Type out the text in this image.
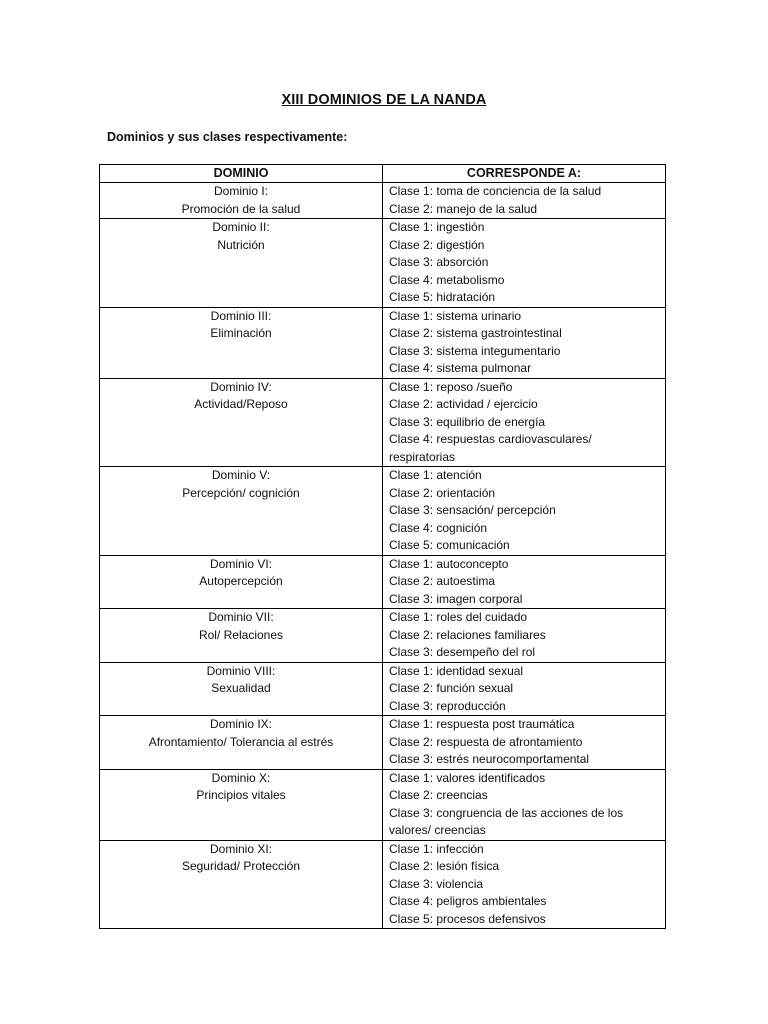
XIII DOMINIOS DE LA NANDA
Dominios y sus clases respectivamente:
DOMINIO	CORRESPONDE A:

Dominio I:
Promoción de la salud	Clase 1: toma de conciencia de la salud
Clase 2: manejo de la salud

Dominio II:
Nutrición	Clase 1: ingestión
Clase 2: digestión
Clase 3: absorción
Clase 4: metabolismo
Clase 5: hidratación

Dominio III:
Eliminación	Clase 1: sistema urinario
Clase 2: sistema gastrointestinal
Clase 3: sistema integumentario
Clase 4: sistema pulmonar

Dominio IV:
Actividad/Reposo	Clase 1: reposo /sueño
Clase 2: actividad / ejercicio
Clase 3: equilibrio de energía
Clase 4: respuestas cardiovasculares/
respiratorias

Dominio V:
Percepción/ cognición	Clase 1: atención
Clase 2: orientación
Clase 3: sensación/ percepción
Clase 4: cognición
Clase 5: comunicación

Dominio VI:
Autopercepción	Clase 1: autoconcepto
Clase 2: autoestima
Clase 3: imagen corporal

Dominio VII:
Rol/ Relaciones	Clase 1: roles del cuidado
Clase 2: relaciones familiares
Clase 3: desempeño del rol

Dominio VIII:
Sexualidad	Clase 1: identidad sexual
Clase 2: función sexual
Clase 3: reproducción

Dominio IX:
Afrontamiento/ Tolerancia al estrés	Clase 1: respuesta post traumática
Clase 2: respuesta de afrontamiento
Clase 3: estrés neurocomportamental

Dominio X:
Principios vitales	Clase 1: valores identificados
Clase 2: creencias
Clase 3: congruencia de las acciones de los
valores/ creencias

Dominio XI:
Seguridad/ Protección	Clase 1: infección
Clase 2: lesión física
Clase 3: violencia
Clase 4: peligros ambientales
Clase 5: procesos defensivos
